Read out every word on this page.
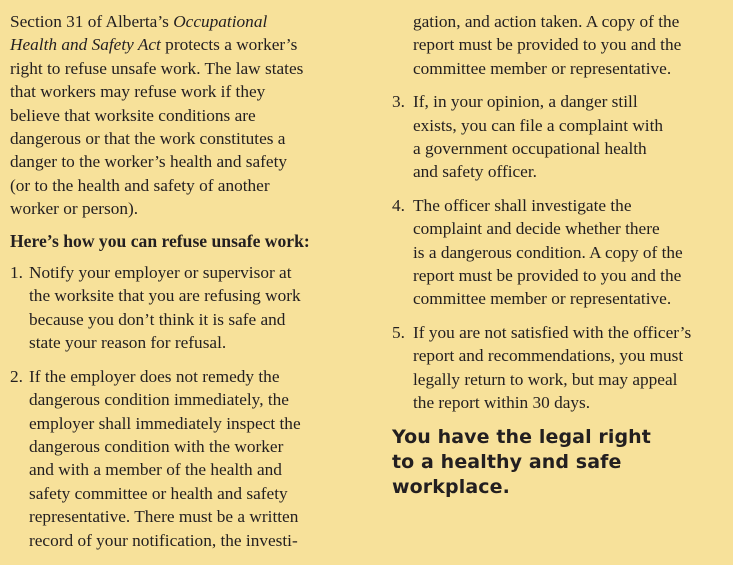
Section 31 of Alberta’s Occupational
Health and Safety Act protects a worker’s
right to refuse unsafe work. The law states
that workers may refuse work if they
believe that worksite conditions are
dangerous or that the work constitutes a
danger to the worker’s health and safety
(or to the health and safety of another
worker or person).
Here’s how you can refuse unsafe work:
1. Notify your employer or supervisor at
the worksite that you are refusing work
because you don’t think it is safe and
state your reason for refusal.
2. If the employer does not remedy the
dangerous condition immediately, the
employer shall immediately inspect the
dangerous condition with the worker
and with a member of the health and
safety committee or health and safety
representative. There must be a written
record of your notification, the investi-
gation, and action taken. A copy of the
report must be provided to you and the
committee member or representative.
3. If, in your opinion, a danger still
exists, you can file a complaint with
a government occupational health
and safety officer.
4. The officer shall investigate the
complaint and decide whether there
is a dangerous condition. A copy of the
report must be provided to you and the
committee member or representative.
5. If you are not satisfied with the officer’s
report and recommendations, you must
legally return to work, but may appeal
the report within 30 days.
You have the legal right
to a healthy and safe
workplace.
